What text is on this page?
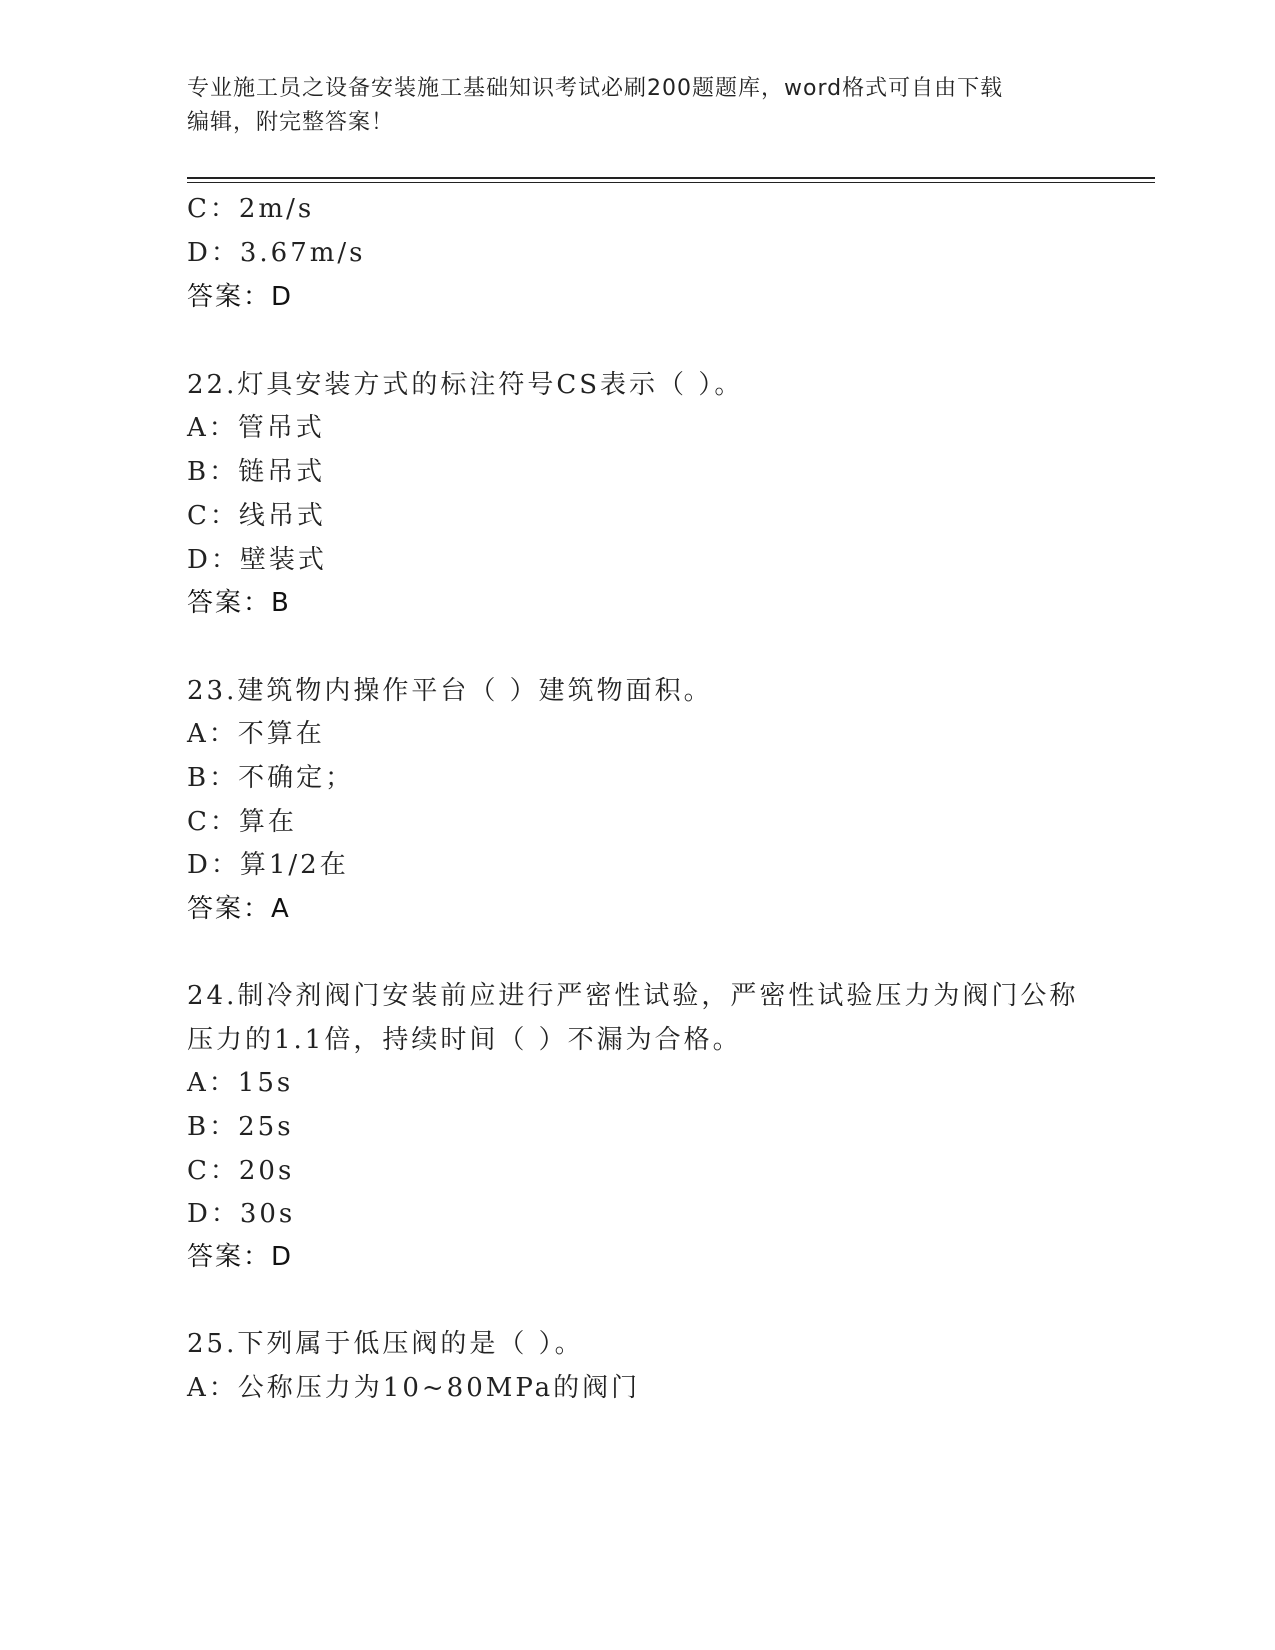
专业施工员之设备安装施工基础知识考试必刷200题题库，word格式可自由下载
编辑，附完整答案！
C：2m/s
D：3.67m/s
答案：D
22.灯具安装方式的标注符号CS表示（ ）。
A：管吊式
B：链吊式
C：线吊式
D：壁装式
答案：B
23.建筑物内操作平台（ ）建筑物面积。
A：不算在
B：不确定；
C：算在
D：算1/2在
答案：A
24.制冷剂阀门安装前应进行严密性试验，严密性试验压力为阀门公称
压力的1.1倍，持续时间（ ）不漏为合格。
A：15s
B：25s
C：20s
D：30s
答案：D
25.下列属于低压阀的是（ ）。
A：公称压力为10~80MPa的阀门
